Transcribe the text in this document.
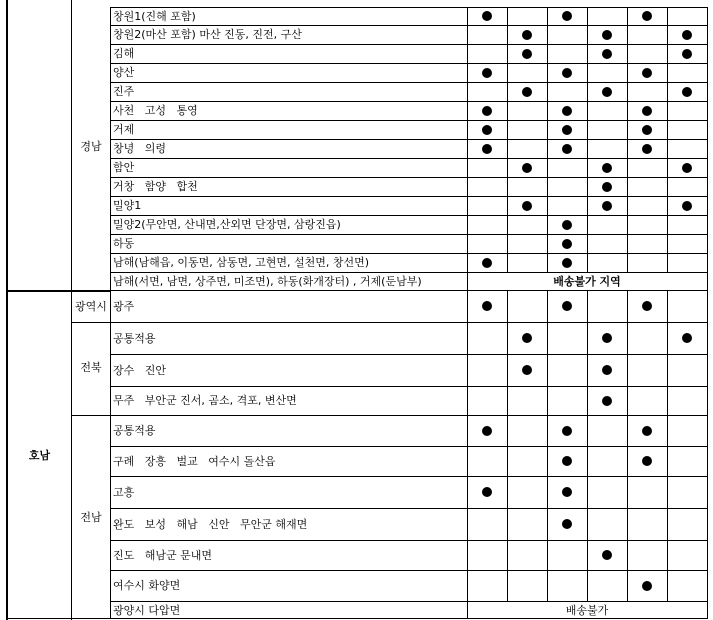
창원1(진해 포함)
창원2(마산 포함) 마산 진동, 진전, 구산
김해
양산
진주
사천   고성   통영
거제
창녕   의령
함안
거창   함양   합천
밀양1
밀양2(무안면, 산내면,산외면 단장면, 삼랑진읍)
하동
남해(남해읍, 이동면, 삼동면, 고현면, 설천면, 창선면)
남해(서면, 남면, 상주면, 미조면), 하동(화개장터) , 거제(둔남부)	배송불가 지역
광주
공통적용
장수   진안
무주   부안군 진서, 곰소, 격포, 변산면
공통적용
구례   장흥   벌교   여수시 돌산읍
고흥
완도   보성   해남   신안   무안군 해재면
진도   해남군 문내면
여수시 화양면
광양시 다압면	배송불가
경남
호남
광역시
전북
전남
